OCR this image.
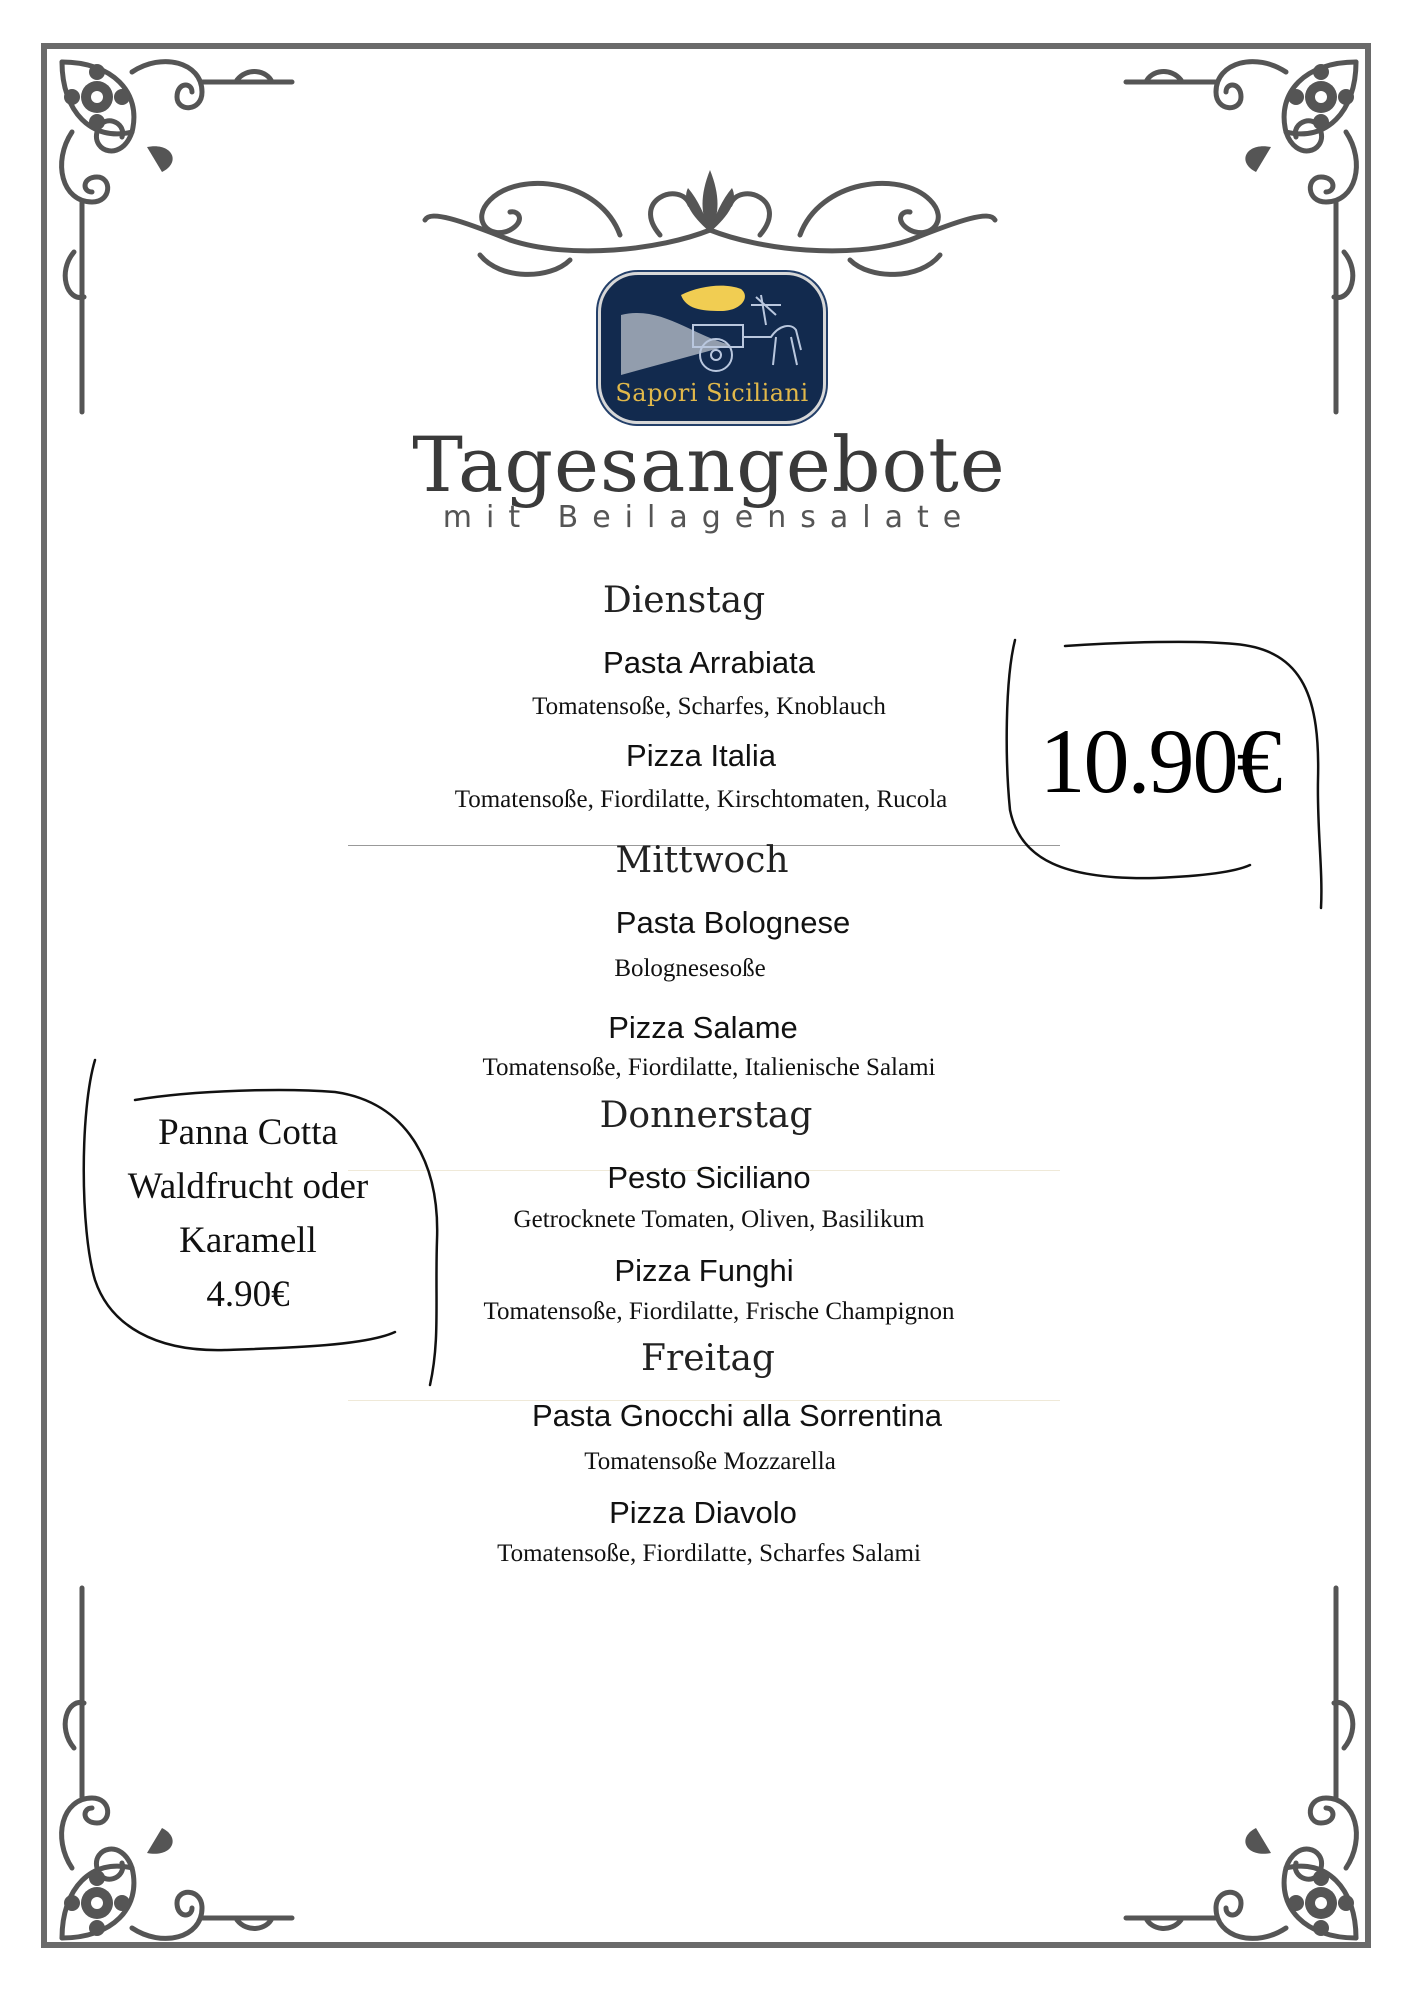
Sapori Siciliani
Tagesangebote
mit Beilagensalate
Dienstag
Pasta Arrabiata
Tomatensoße, Scharfes, Knoblauch
Pizza Italia
Tomatensoße, Fiordilatte, Kirschtomaten, Rucola
Mittwoch
Pasta Bolognese
Bolognesesoße
Pizza Salame
Tomatensoße, Fiordilatte, Italienische Salami
Donnerstag
Pesto Siciliano
Getrocknete Tomaten, Oliven, Basilikum
Pizza Funghi
Tomatensoße, Fiordilatte, Frische Champignon
Freitag
Pasta Gnocchi alla Sorrentina
Tomatensoße Mozzarella
Pizza Diavolo
Tomatensoße, Fiordilatte, Scharfes Salami
10.90€
Panna Cotta
Waldfrucht oder
Karamell
4.90€
